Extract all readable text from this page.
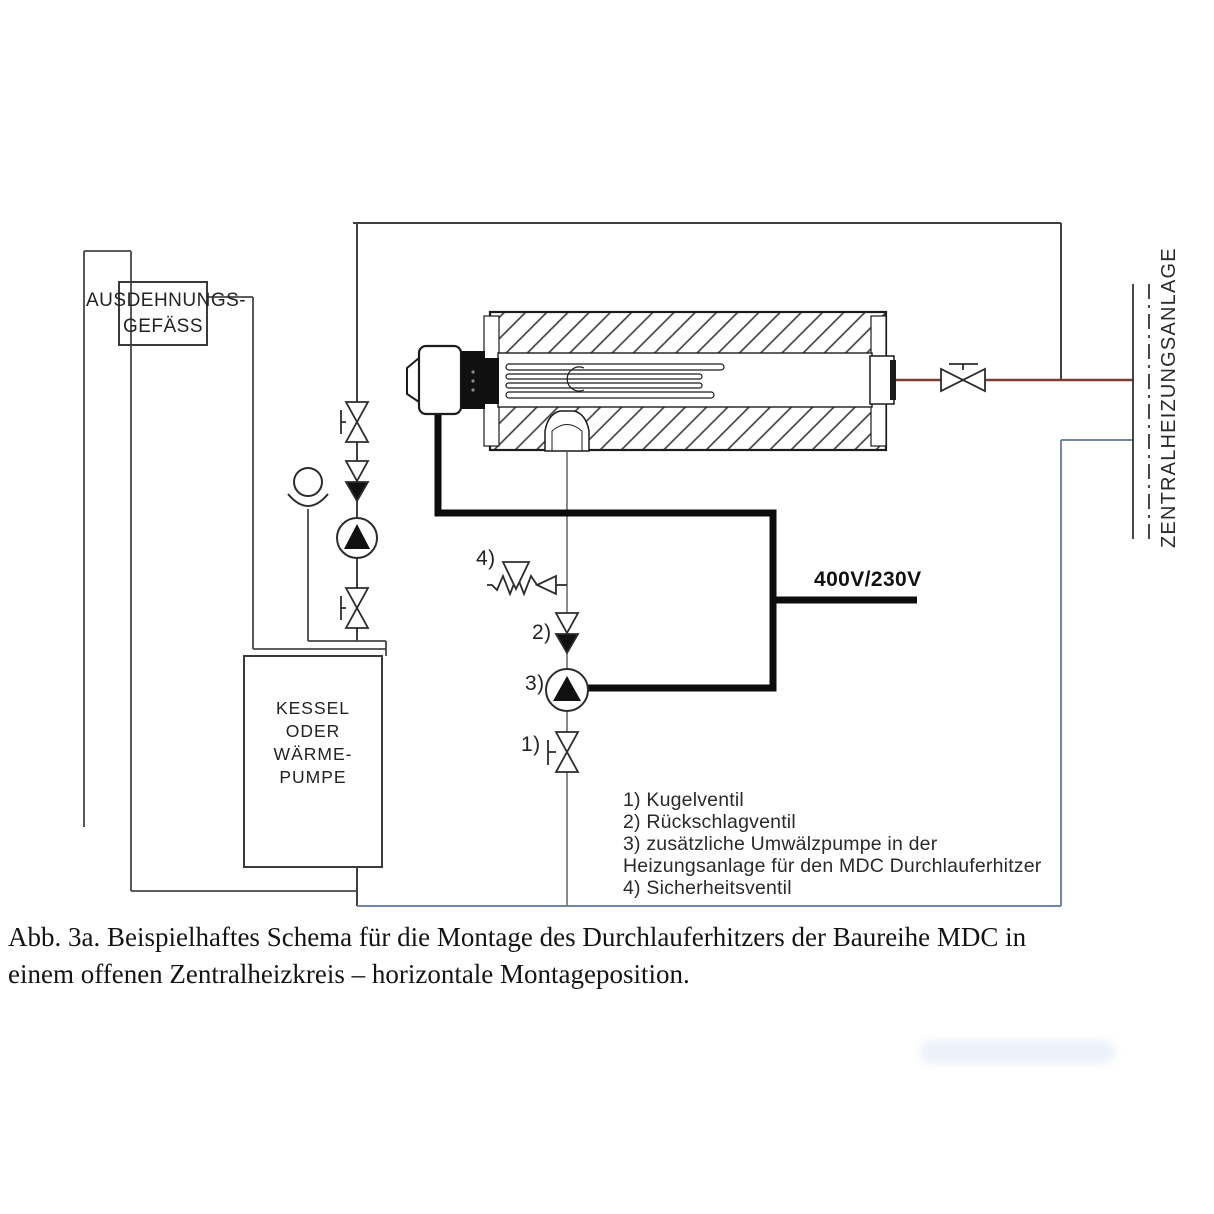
AUSDEHNUNGS-
GEFÄSS
KESSEL
ODER
WÄRME-
PUMPE
ZENTRALHEIZUNGSANLAGE
400V/230V
4)
2)
3)
1)
1) Kugelventil
2) Rückschlagventil
3) zusätzliche Umwälzpumpe in der
Heizungsanlage für den MDC Durchlauferhitzer
4) Sicherheitsventil
Abb. 3a. Beispielhaftes Schema für die Montage des Durchlauferhitzers der Baureihe MDC in
einem offenen Zentralheizkreis – horizontale Montageposition.
